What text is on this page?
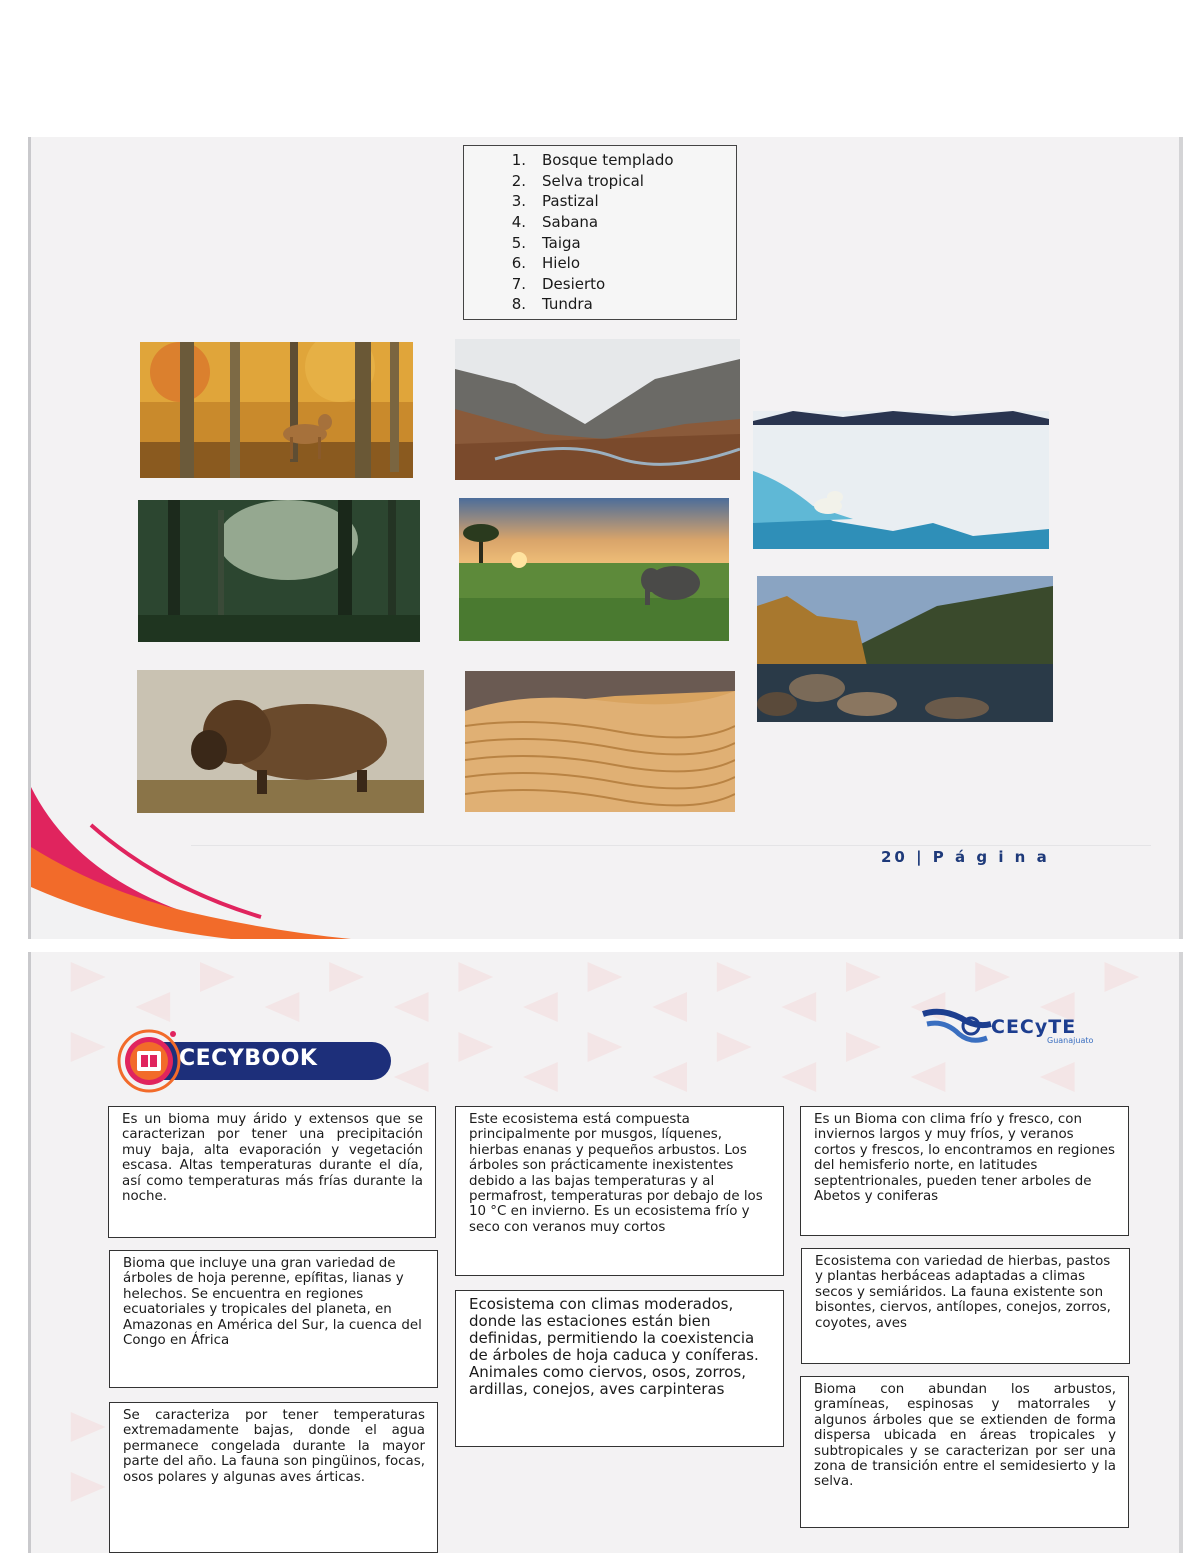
1.	Bosque templado
2.	Selva tropical
3.	Pastizal
4.	Sabana
5.	Taiga
6.	Hielo
7.	Desierto
8.	Tundra
20 | P á g i n a
CECYBOOK
CECyTE
Guanajuato
Es un bioma muy árido y extensos que se caracterizan por tener una precipitación muy baja, alta evaporación y vegetación escasa. Altas temperaturas durante el día, así como temperaturas más frías durante la noche.
Bioma que incluye una gran variedad de árboles de hoja perenne, epífitas, lianas y helechos. Se encuentra en regiones ecuatoriales y tropicales del planeta, en Amazonas en América del Sur, la cuenca del Congo en África
Se caracteriza por tener temperaturas extremadamente bajas, donde el agua permanece congelada durante la mayor parte del año. La fauna son pingüinos, focas, osos polares y algunas aves árticas.
Este ecosistema está compuesta principalmente por musgos, líquenes, hierbas enanas y pequeños arbustos. Los árboles son prácticamente inexistentes debido a las bajas temperaturas y al permafrost, temperaturas por debajo de los 10 °C en invierno. Es un ecosistema frío y seco con veranos muy cortos
Ecosistema con climas moderados, donde las estaciones están bien definidas, permitiendo la coexistencia de árboles de hoja caduca y coníferas. Animales como ciervos, osos, zorros, ardillas, conejos, aves carpinteras
Es un Bioma con clima frío y fresco, con inviernos largos y muy fríos, y veranos cortos y frescos, lo encontramos en regiones del hemisferio norte, en latitudes septentrionales, pueden tener arboles de Abetos y coniferas
Ecosistema con variedad de hierbas, pastos y plantas herbáceas adaptadas a climas secos y semiáridos. La fauna existente son bisontes, ciervos, antílopes, conejos, zorros, coyotes, aves
Bioma con abundan los arbustos, gramíneas, espinosas y matorrales y algunos árboles que se extienden de forma dispersa ubicada en áreas tropicales y subtropicales y se caracterizan por ser una zona de transición entre el semidesierto y la selva.
